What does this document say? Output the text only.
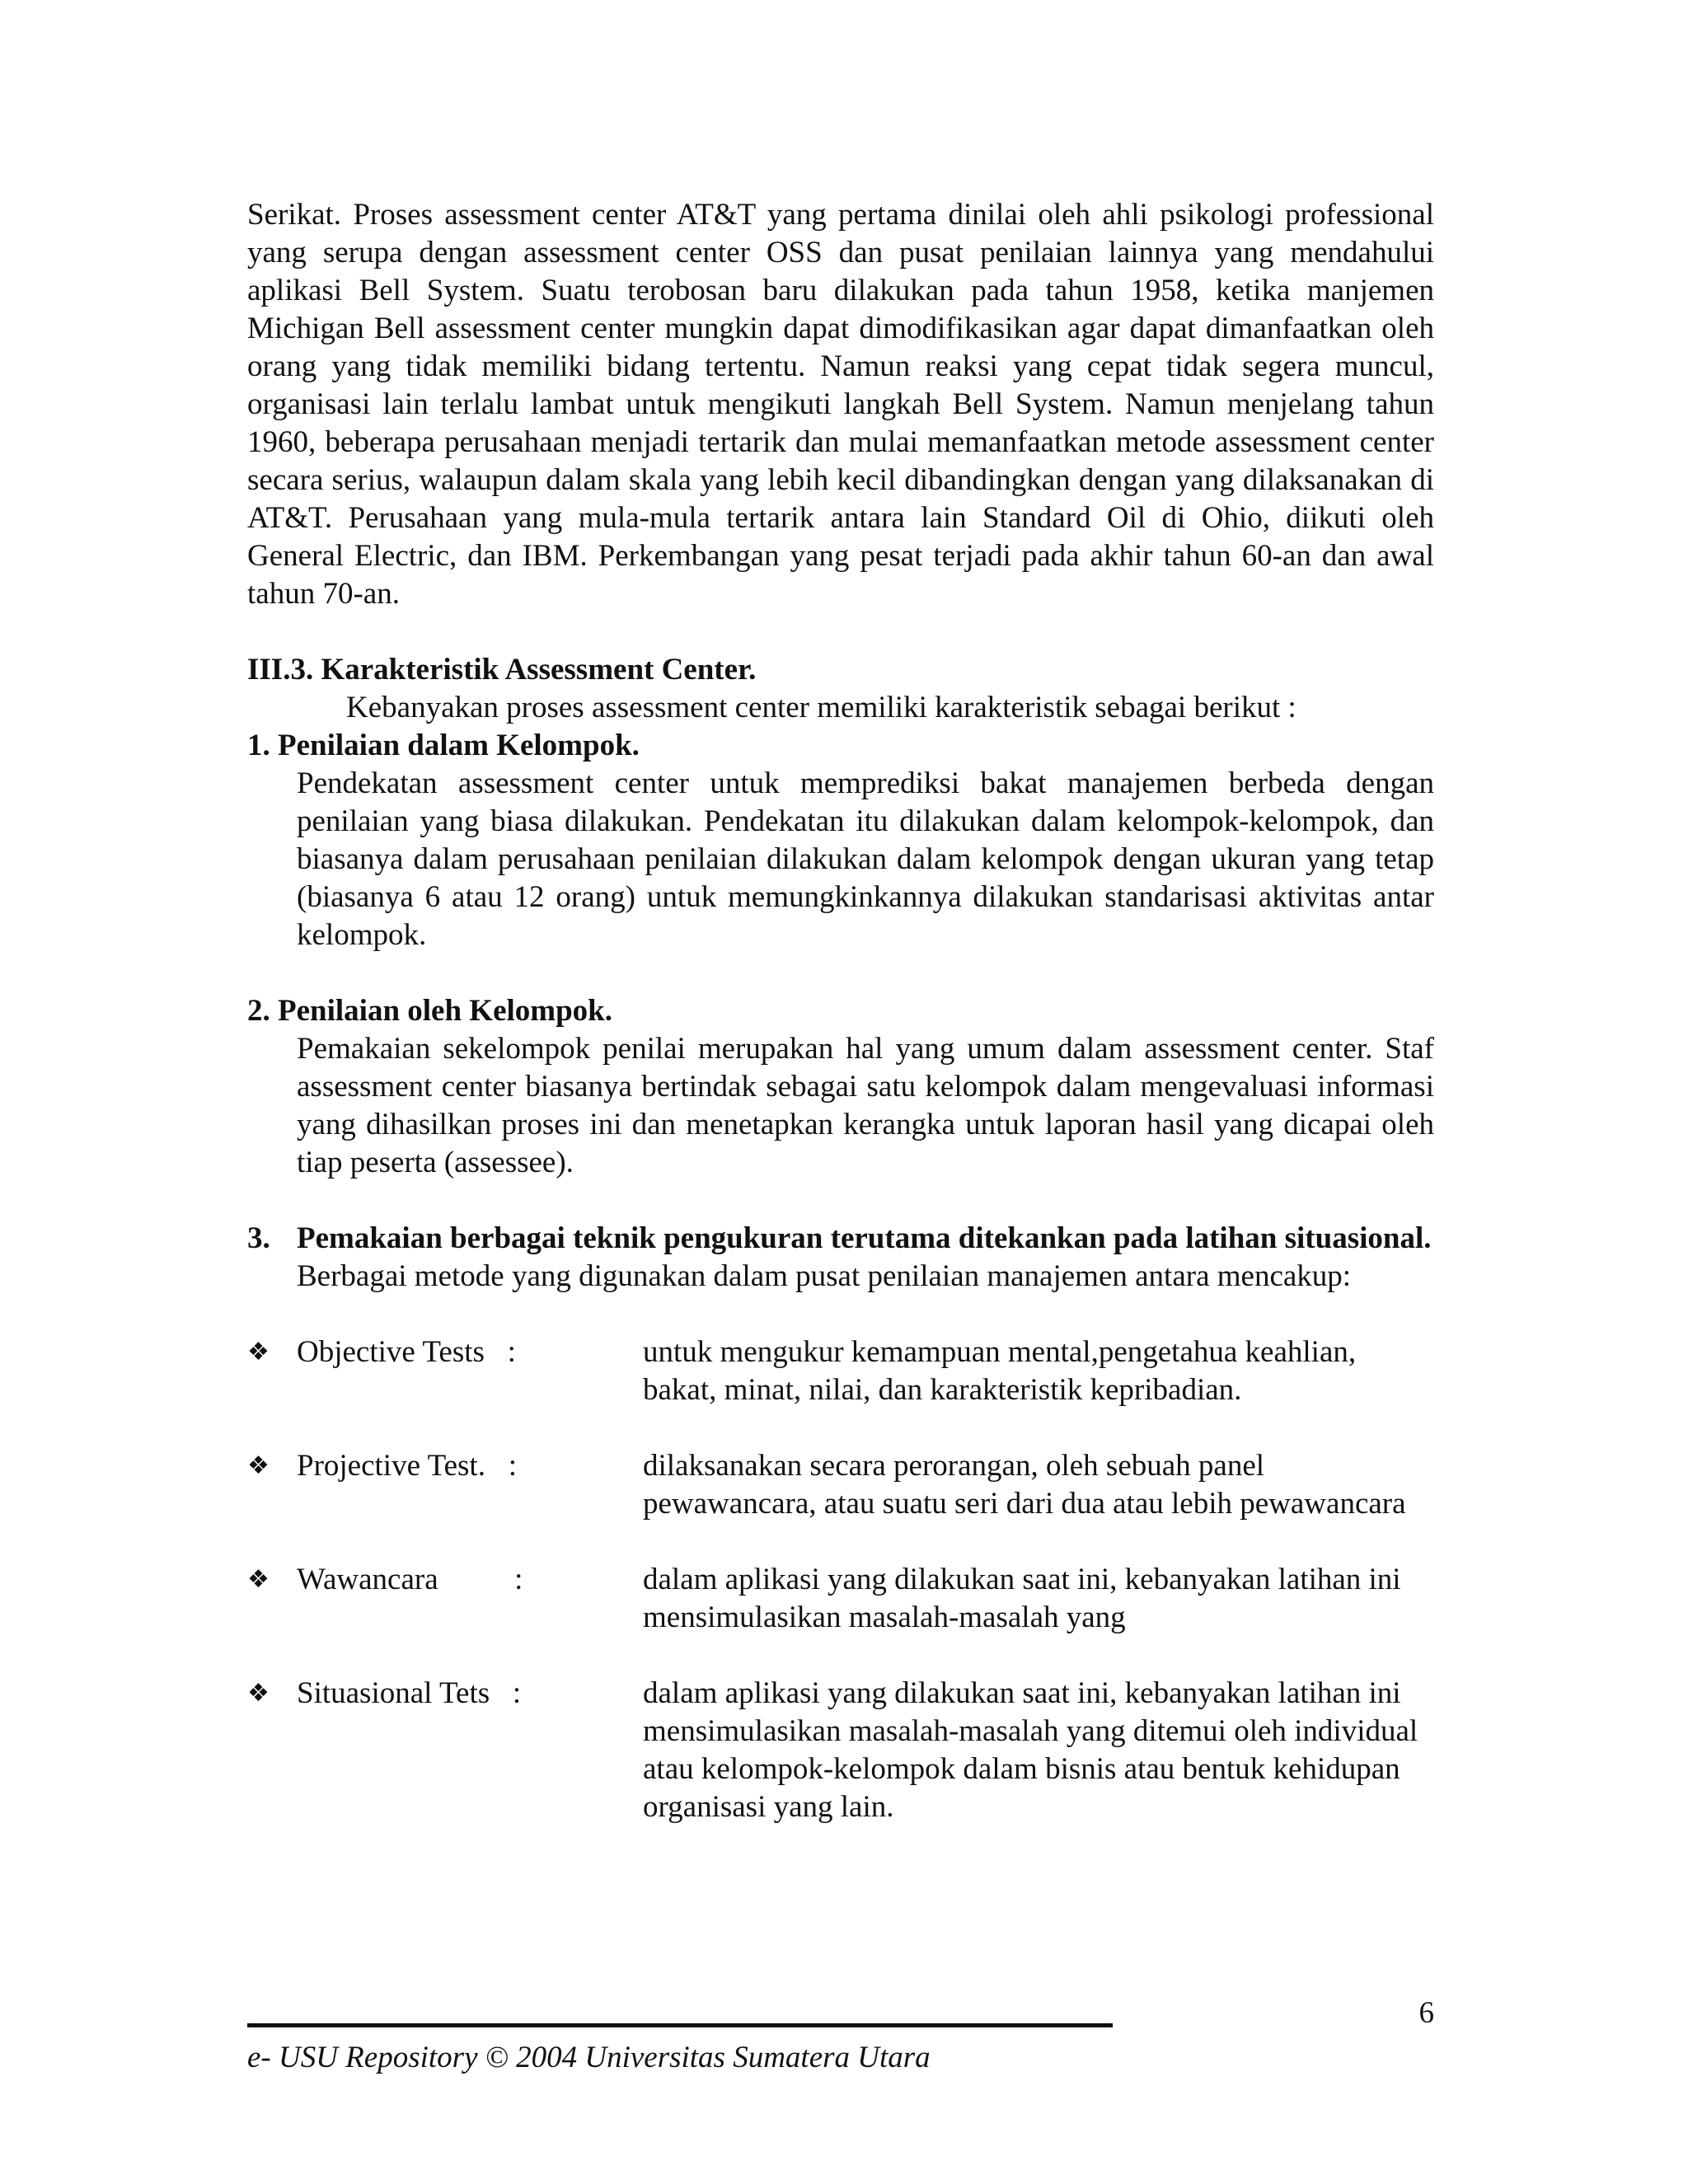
Serikat. Proses assessment center AT&T yang pertama dinilai oleh ahli psikologi professional yang serupa dengan assessment center OSS dan pusat penilaian lainnya yang mendahului aplikasi Bell System. Suatu terobosan baru dilakukan pada tahun 1958, ketika manjemen Michigan Bell assessment center mungkin dapat dimodifikasikan agar dapat dimanfaatkan oleh orang yang tidak memiliki bidang tertentu. Namun reaksi yang cepat tidak segera muncul, organisasi lain terlalu lambat untuk mengikuti langkah Bell System. Namun menjelang tahun 1960, beberapa perusahaan menjadi tertarik dan mulai memanfaatkan metode assessment center secara serius, walaupun dalam skala yang lebih kecil dibandingkan dengan yang dilaksanakan di AT&T. Perusahaan yang mula-mula tertarik antara lain Standard Oil di Ohio, diikuti oleh General Electric, dan IBM. Perkembangan yang pesat terjadi pada akhir tahun 60-an dan awal tahun 70-an.

III.3. Karakteristik Assessment Center.

Kebanyakan proses assessment center memiliki karakteristik sebagai berikut :

1. Penilaian dalam Kelompok.

Pendekatan assessment center untuk memprediksi bakat manajemen berbeda dengan penilaian yang biasa dilakukan. Pendekatan itu dilakukan dalam kelompok-kelompok, dan biasanya dalam perusahaan penilaian dilakukan dalam kelompok dengan ukuran yang tetap (biasanya 6 atau 12 orang) untuk memungkinkannya dilakukan standarisasi aktivitas antar kelompok.

2. Penilaian oleh Kelompok.

Pemakaian sekelompok penilai merupakan hal yang umum dalam assessment center. Staf assessment center biasanya bertindak sebagai satu kelompok dalam mengevaluasi informasi yang dihasilkan proses ini dan menetapkan kerangka untuk laporan hasil yang dicapai oleh tiap peserta (assessee).

3. Pemakaian berbagai teknik pengukuran terutama ditekankan pada latihan situasional.

Berbagai metode yang digunakan dalam pusat penilaian manajemen antara mencakup:

❖ Objective Tests   :	untuk mengukur kemampuan mental,pengetahua keahlian, bakat, minat, nilai, dan karakteristik kepribadian.
❖ Projective Test.   :	dilaksanakan secara perorangan, oleh sebuah panel pewawancara, atau suatu seri dari dua atau lebih pewawancara
❖ Wawancara          :	dalam aplikasi yang dilakukan saat ini, kebanyakan latihan ini mensimulasikan masalah-masalah yang
❖ Situasional Tets   :	dalam aplikasi yang dilakukan saat ini, kebanyakan latihan ini mensimulasikan masalah-masalah yang ditemui oleh individual atau kelompok-kelompok dalam bisnis atau bentuk kehidupan organisasi yang lain.
6
e- USU Repository © 2004 Universitas Sumatera Utara
